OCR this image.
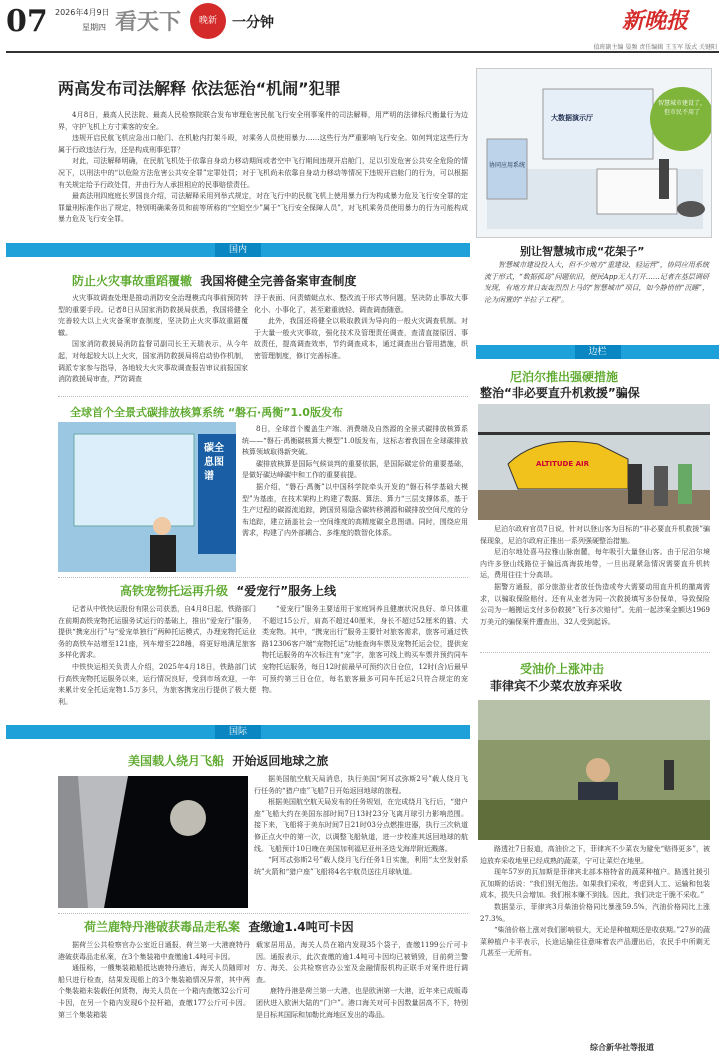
07 2026年4月9日
星期四 看天下	晚新	一分钟	新晚报
值班副主编 晏频 责任编辑 王玉军 版式 关键阳
两高发布司法解释 依法惩治“机闹”犯罪
4月8日，最高人民法院、最高人民检察院联合发布审理危害民航飞行安全刑事案件的司法解释，用严明的法律标尺衡量行为边界，守护飞机上方寸乘客的安全。
违规开启民航飞机应急出口舱门、在机舱内打架斗殴，对乘务人员使用暴力……这些行为严重影响飞行安全。如何判定这些行为属于行政违法行为，还是构成刑事犯罪？
对此，司法解释明确，在民航飞机处于依靠自身动力移动期间或者空中飞行期间违规开启舱门，足以引发危害公共安全危险的情况下，以刑法中的“以危险方法危害公共安全罪”定罪处罚；对于飞机尚未依靠自身动力移动等情况下违规开启舱门的行为，可以根据有关规定给予行政处罚，并由行为人承担相应的民事赔偿责任。
最高法刑四庭庭长罗国良介绍，司法解释采用列举式规定，对在飞行中的民航飞机上使用暴力行为构成暴力危及飞行安全罪的定罪量刑标准作出了规定，特别明确乘务员和前等所称的“空姐空少”属于“飞行安全保障人员”，对飞机乘务员使用暴力的行为可能构成暴力危及飞行安全罪。
大数据演示厅
协同应用系统
智慧城市建设了，但市民不用了
别让智慧城市成“花架子”
智慧城市建设投入大，但不少地方“重建设、轻运营”，协同应用系统流于形式，“数据孤岛”问题依旧，便民App无人打开……记者在基层调研发现，有地方昔日轰轰烈烈上马的“智慧城市”项目，如今静悄悄“沉睡”，沦为闲置的“半拉子工程”。
国内
防止火灾事故重蹈覆辙 我国将健全完善备案审查制度
火灾事故调查处理是推动消防安全治理模式向事前预防转型的重要手段。记者8日从国家消防救援局获悉，我国将健全完善较大以上火灾备案审查制度，坚决防止火灾事故重蹈覆辙。
国家消防救援局消防监督司副司长王天瑞表示，从今年起，对每起较大以上火灾，国家消防救援局将启动协作机制，调派专家参与指导，各地较大火灾事故调查报告审议前报国家消防救援局审查，严防调查
浮于表面、问责蜻蜓点水、整改流于形式等问题，坚决防止事故大事化小、小事化了，甚至避重就轻、调查调查随意。
此外，我国还将健全以吸取教训为导向的一般火灾调查机制。对于大量一般火灾事故，强化技术及管理责任调查，查清直接原因、事故责任，提高调查效率，节约调查成本，通过调查出台管用措施，织密管理制度，修订完善标准。
全球首个全景式碳排放核算系统 “磐石·禹衡”1.0版发布
碳全息图谱
8日，全球首个覆盖生产端、消费端及自然源的全景式碳排放核算系统——“磐石·禹衡碳核算大模型”1.0版发布，这标志着我国在全球碳排放核算领域取得新突破。
碳排放核算是国际气候谈判的重要依据，是国际碳定价的重要基础，是做好碳达峰碳中和工作的重要前提。
据介绍，“磐石·禹衡”以中国科学院牵头开发的“磐石科学基础大模型”为基座，在技术架构上构建了数据、算法、算力“三层支撑体系，基于生产过程的碳源流追踪，跨国贸易隐含碳转移溯源和碳排放空间尺度的分布追踪，建立涵盖社会一空间维度的高精度碳全息图谱。同时，围绕应用需求，构建了内外部耦合、多维度的数智化体系。
高铁宠物托运再升级 “爱宠行”服务上线
记者从中铁快运股份有限公司获悉，自4月8日起，铁路部门在前期高铁宠物托运服务试运行的基础上，推出“爱宠行”服务，提供“携宠出行”与“爱宠单独行”两种托运模式，办理宠物托运业务的高铁车站增至121座，列车增至228趟，将更好地满足旅客多样化需求。
中铁快运相关负责人介绍，2025年4月18日，铁路部门试行高铁宠物托运服务以来，运行情况良好，受到市场欢迎，一年来累计安全托运宠物1.5万多只，为旅客携宠出行提供了极大便利。
“爱宠行”服务主要适用于家庭饲养且健康状况良好、单只体重不超过15公斤，肩高不超过40厘米，身长不超过52厘米的猫、犬类宠物。其中，“携宠出行”服务主要针对旅客需求，旅客可通过铁路12306客户端“宠物托运”功能查询车票及宠物托运会位，提供宠物托运服务的车次标注有“宠”字，旅客可线上购买车票并预约同车宠物托运服务，每日12时前最早可预约次日仓位，12时(含)后最早可预约第三日仓位，每名旅客最多可同车托运2只符合规定的宠物。
国际
美国载人绕月飞船 开始返回地球之旅
据美国航空航天局消息，执行美国“阿耳忒弥斯2号”载人绕月飞行任务的“猎户座”飞船7日开始返回地球的旅程。
根据美国航空航天局发布的任务规划，在完成绕月飞行后，“猎户座”飞船大约在美国东部时间7日13时23分飞离月球引力影响范围。接下来，飞船将于美东时间7日21时03分点燃推进器，执行三次轨道修正点火中的第一次，以调整飞船轨道，进一步校准其返回地球的航线。飞船预计10日晚在美国加利福尼亚州圣迭戈海岸附近溅落。
“阿耳忒弥斯2号”载人绕月飞行任务1日实施，利用“太空发射系统”火箭和“猎户座”飞船将4名宇航员送往月球轨道。
荷兰鹿特丹港破获毒品走私案 查缴逾1.4吨可卡因
据荷兰公共检察官办公室近日通报，荷兰第一大港鹿特丹港破获毒品走私案，在3个集装箱中查缴逾1.4吨可卡因。
通报称，一艘集装箱船抵达鹿特丹港后，海关人员随即对船只进行检查，结果发现船上的3个集装箱情况异常，其中两个集装箱未装载任何货物，海关人员在一个箱内查缴32公斤可卡因，在另一个箱内发现6个拉杆箱，查缴177公斤可卡因。第三个集装箱装
载家居用品，海关人员在箱内发现35个袋子，查缴1199公斤可卡因。通报表示，此次查缴的逾1.4吨可卡因均已被销毁，目前荷兰警方、海关、公共检察官办公室及金融情报机构正联手对案件进行调查。
鹿特丹港是荷兰第一大港，也是欧洲第一大港，近年来已成贩毒团伙进入欧洲大陆的“门户”。港口海关对可卡因数量居高不下，特别是目标其国际和加勒比海地区发出的毒品。
边栏
尼泊尔推出强硬措施
整治“非必要直升机救援”骗保
ALTITUDE AIR
尼泊尔政府官员7日说，针对以登山客为目标的“非必要直升机救援”骗保现象，尼泊尔政府正推出一系列强硬整治措施。
尼泊尔地处喜马拉雅山脉南麓，每年吸引大量登山客。由于尼泊尔境内许多登山线路位于偏远高海拔地带，一旦出现紧急情况需要直升机转运，费用往往十分高昂。
据警方通报，部分旅游业者放任伪造或夸大需要动用直升机的撤离需求，以骗取保险赔付。还有从业者为同一次救援填写多份保单，导致保险公司为一趟搬运支付多份救援“飞行多次赔付”。先前一起涉案金额达1969万美元的骗保案件遭查出，32人受到起诉。
受油价上涨冲击
菲律宾不少菜农放弃采收
路透社7日报道，高油价之下，菲律宾不少菜农为避免“赔得更多”，被迫放弃采收地里已经成熟的蔬菜，宁可让菜烂在地里。
现年57岁的瓦加斯是菲律宾北部本格特省的蔬菜种植户。路透社援引瓦加斯的话说：“我们别无他法。如果我们采收，考虑到人工、运输和包装成本，损失只会增加。我们根本赚不到钱。因此，我们决定干脆不采收。”
数据显示，菲律宾3月柴油价格同比暴涨59.5%，汽油价格同比上涨27.3%。
“柴油价格上涨对我们影响很大，无论是种植期还是收获期。”27岁的蔬菜种植户卡平表示，长途运输往往意味着农产品遭出后，农民手中所剩无几甚至一无所有。
综合新华社等报道
